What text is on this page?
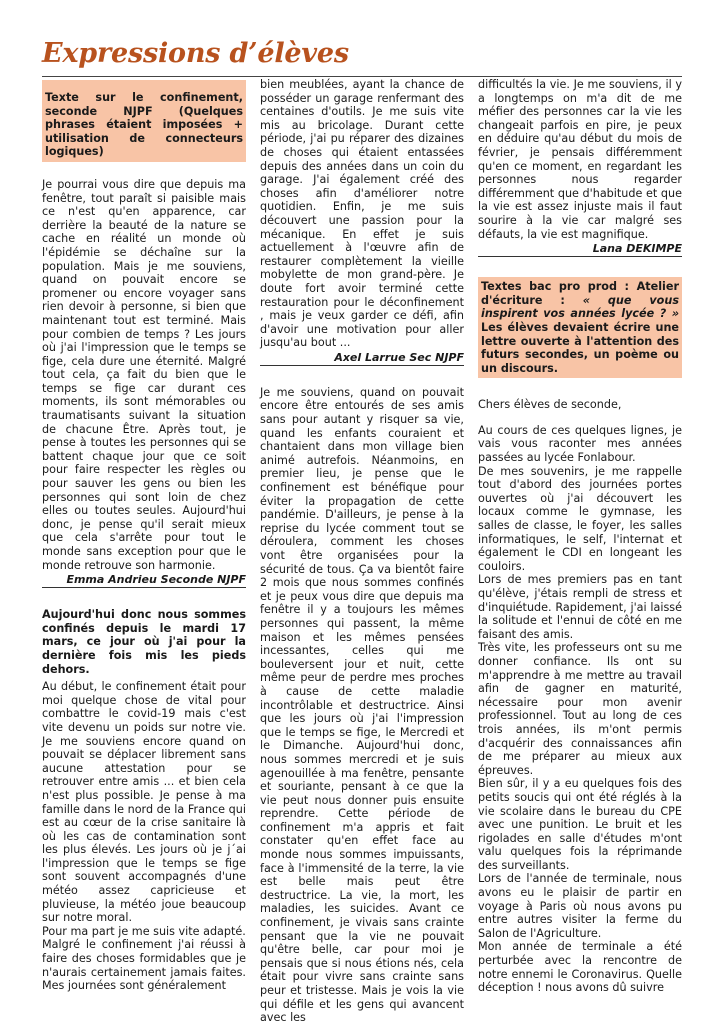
Expressions d’élèves
Texte sur le confinement, seconde NJPF (Quelques phrases étaient imposées + utilisation de connecteurs logiques)

Je pourrai vous dire que depuis ma fenêtre, tout paraît si paisible mais ce n'est qu'en apparence, car derrière la beauté de la nature se cache en réalité un monde où l'épidémie se déchaîne sur la population. Mais je me souviens, quand on pouvait encore se promener ou encore voyager sans rien devoir à personne, si bien que maintenant tout est terminé. Mais pour combien de temps ? Les jours où j'ai l'impression que le temps se fige, cela dure une éternité. Malgré tout cela, ça fait du bien que le temps se fige car durant ces moments, ils sont mémorables ou traumatisants suivant la situation de chacune Être. Après tout, je pense à toutes les personnes qui se battent chaque jour que ce soit pour faire respecter les règles ou pour sauver les gens ou bien les personnes qui sont loin de chez elles ou toutes seules. Aujourd'hui donc, je pense qu'il serait mieux que cela s'arrête pour tout le monde sans exception pour que le monde retrouve son harmonie.

Emma Andrieu Seconde NJPF

Aujourd'hui donc nous sommes confinés depuis le mardi 17 mars, ce jour où j'ai pour la dernière fois mis les pieds dehors.

Au début, le confinement était pour moi quelque chose de vital pour combattre le covid-19 mais c'est vite devenu un poids sur notre vie. Je me souviens encore quand on pouvait se déplacer librement sans aucune attestation pour se retrouver entre amis ... et bien cela n'est plus possible. Je pense à ma famille dans le nord de la France qui est au cœur de la crise sanitaire là où les cas de contamination sont les plus élevés. Les jours où je j´ai l'impression que le temps se fige sont souvent accompagnés d'une météo assez capricieuse et pluvieuse, la météo joue beaucoup sur notre moral.

Pour ma part je me suis vite adapté.

Malgré le confinement j'ai réussi à faire des choses formidables que je n'aurais certainement jamais faites. Mes journées sont généralement

bien meublées, ayant la chance de posséder un garage renfermant des centaines d'outils. Je me suis vite mis au bricolage. Durant cette période, j'ai pu réparer des dizaines de choses qui étaient entassées depuis des années dans un coin du garage. J'ai également créé des choses afin d'améliorer notre quotidien. Enfin, je me suis découvert une passion pour la mécanique. En effet je suis actuellement à l'œuvre afin de restaurer complètement la vieille mobylette de mon grand-père. Je doute fort avoir terminé cette restauration pour le déconfinement , mais je veux garder ce défi, afin d'avoir une motivation pour aller jusqu'au bout ...

Axel Larrue Sec NJPF

Je me souviens, quand on pouvait encore être entourés de ses amis sans pour autant y risquer sa vie, quand les enfants couraient et chantaient dans mon village bien animé autrefois. Néanmoins, en premier lieu, je pense que le confinement est bénéfique pour éviter la propagation de cette pandémie. D'ailleurs, je pense à la reprise du lycée comment tout se déroulera, comment les choses vont être organisées pour la sécurité de tous. Ça va bientôt faire 2 mois que nous sommes confinés et je peux vous dire que depuis ma fenêtre il y a toujours les mêmes personnes qui passent, la même maison et les mêmes pensées incessantes, celles qui me bouleversent jour et nuit, cette même peur de perdre mes proches à cause de cette maladie incontrôlable et destructrice. Ainsi que les jours où j'ai l'impression que le temps se fige, le Mercredi et le Dimanche. Aujourd'hui donc, nous sommes mercredi et je suis agenouillée à ma fenêtre, pensante et souriante, pensant à ce que la vie peut nous donner puis ensuite reprendre. Cette période de confinement m'a appris et fait constater qu'en effet face au monde nous sommes impuissants, face à l'immensité de la terre, la vie est belle mais peut être destructrice. La vie, la mort, les maladies, les suicides. Avant ce confinement, je vivais sans crainte pensant que la vie ne pouvait qu'être belle, car pour moi je pensais que si nous étions nés, cela était pour vivre sans crainte sans peur et tristesse. Mais je vois la vie qui défile et les gens qui avancent avec les

difficultés la vie. Je me souviens, il y a longtemps on m'a dit de me méfier des personnes car la vie les changeait parfois en pire, je peux en déduire qu'au début du mois de février, je pensais différemment qu'en ce moment, en regardant les personnes nous regarder différemment que d'habitude et que la vie est assez injuste mais il faut sourire à la vie car malgré ses défauts, la vie est magnifique.

Lana DEKIMPE
Textes bac pro prod : Atelier d'écriture : « que vous inspirent vos années lycée ? » Les élèves devaient écrire une lettre ouverte à l'attention des futurs secondes, un poème ou un discours.

Chers élèves de seconde,

Au cours de ces quelques lignes, je vais vous raconter mes années passées au lycée Fonlabour.

De mes souvenirs, je me rappelle tout d'abord des journées portes ouvertes où j'ai découvert les locaux comme le gymnase, les salles de classe, le foyer, les salles informatiques, le self, l'internat et également le CDI en longeant les couloirs.

Lors de mes premiers pas en tant qu'élève, j'étais rempli de stress et d'inquiétude. Rapidement, j'ai laissé la solitude et l'ennui de côté en me faisant des amis.

Très vite, les professeurs ont su me donner confiance. Ils ont su m'apprendre à me mettre au travail afin de gagner en maturité, nécessaire pour mon avenir professionnel. Tout au long de ces trois années, ils m'ont permis d'acquérir des connaissances afin de me préparer au mieux aux épreuves.

Bien sûr, il y a eu quelques fois des petits soucis qui ont été réglés à la vie scolaire dans le bureau du CPE avec une punition. Le bruit et les rigolades en salle d'études m'ont valu quelques fois la réprimande des surveillants.

Lors de l'année de terminale, nous avons eu le plaisir de partir en voyage à Paris où nous avons pu entre autres visiter la ferme du Salon de l'Agriculture.

Mon année de terminale a été perturbée avec la rencontre de notre ennemi le Coronavirus. Quelle déception ! nous avons dû suivre
